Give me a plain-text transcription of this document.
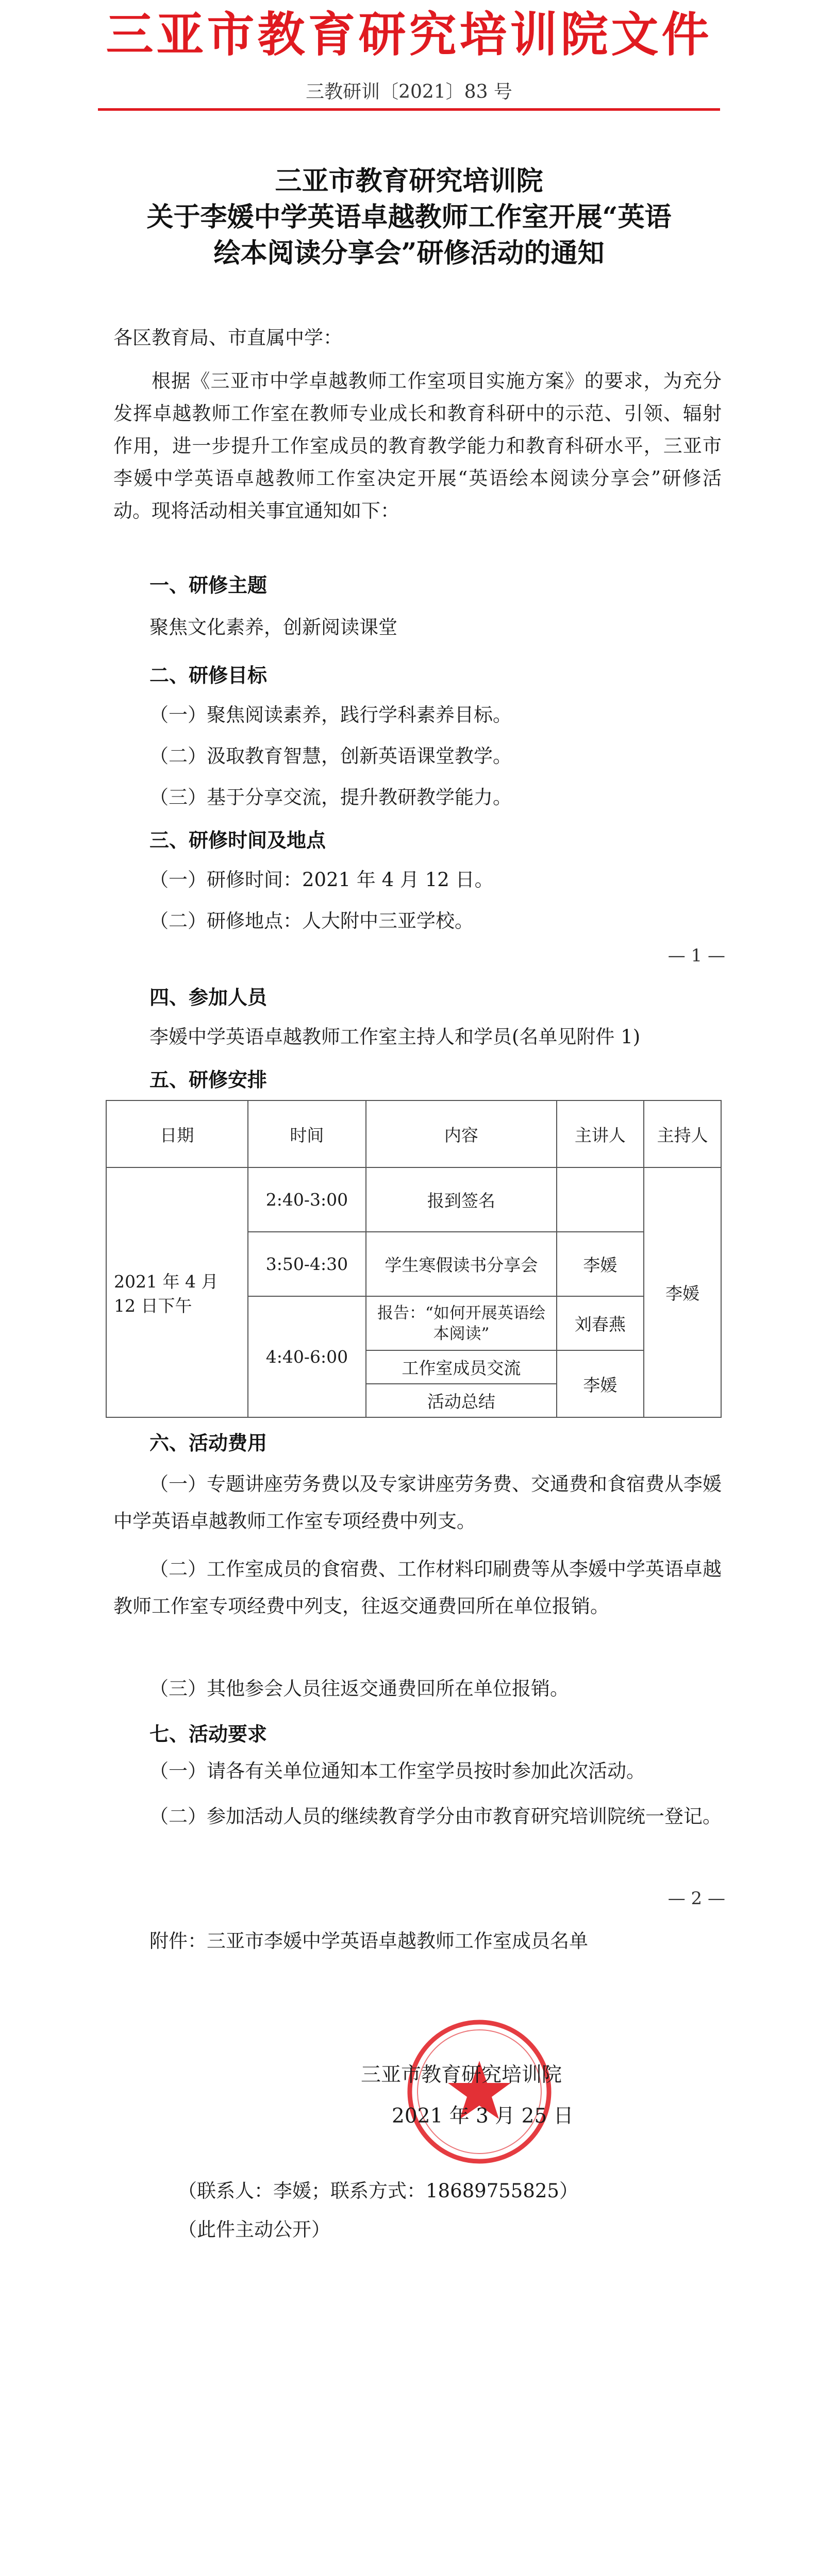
三亚市教育研究培训院文件
三教研训〔2021〕83 号
三亚市教育研究培训院
关于李媛中学英语卓越教师工作室开展“英语
绘本阅读分享会”研修活动的通知
各区教育局、市直属中学：
根据《三亚市中学卓越教师工作室项目实施方案》的要求，为充分发挥卓越教师工作室在教师专业成长和教育科研中的示范、引领、辐射作用，进一步提升工作室成员的教育教学能力和教育科研水平，三亚市李媛中学英语卓越教师工作室决定开展“英语绘本阅读分享会”研修活动。现将活动相关事宜通知如下：
一、研修主题
聚焦文化素养，创新阅读课堂
二、研修目标
（一）聚焦阅读素养，践行学科素养目标。
（二）汲取教育智慧，创新英语课堂教学。
（三）基于分享交流，提升教研教学能力。
三、研修时间及地点
（一）研修时间：2021 年 4 月 12 日。
（二）研修地点：人大附中三亚学校。
— 1 —
四、参加人员
李媛中学英语卓越教师工作室主持人和学员(名单见附件 1)
五、研修安排
日期	时间	内容	主讲人	主持人
2021 年 4 月 12 日下午	2:40-3:00	报到签名		李媛
	3:50-4:30	学生寒假读书分享会	李媛	
	4:40-6:00	报告：“如何开展英语绘本阅读”	刘春燕	
		工作室成员交流	李媛	
		活动总结		
六、活动费用
（一）专题讲座劳务费以及专家讲座劳务费、交通费和食宿费从李媛中学英语卓越教师工作室专项经费中列支。
（二）工作室成员的食宿费、工作材料印刷费等从李媛中学英语卓越教师工作室专项经费中列支，往返交通费回所在单位报销。
（三）其他参会人员往返交通费回所在单位报销。
七、活动要求
（一）请各有关单位通知本工作室学员按时参加此次活动。
（二）参加活动人员的继续教育学分由市教育研究培训院统一登记。
— 2 —
附件：三亚市李媛中学英语卓越教师工作室成员名单
三亚市教育研究培训院
2021 年 3 月 25 日
（联系人：李媛；联系方式：18689755825）
（此件主动公开）
